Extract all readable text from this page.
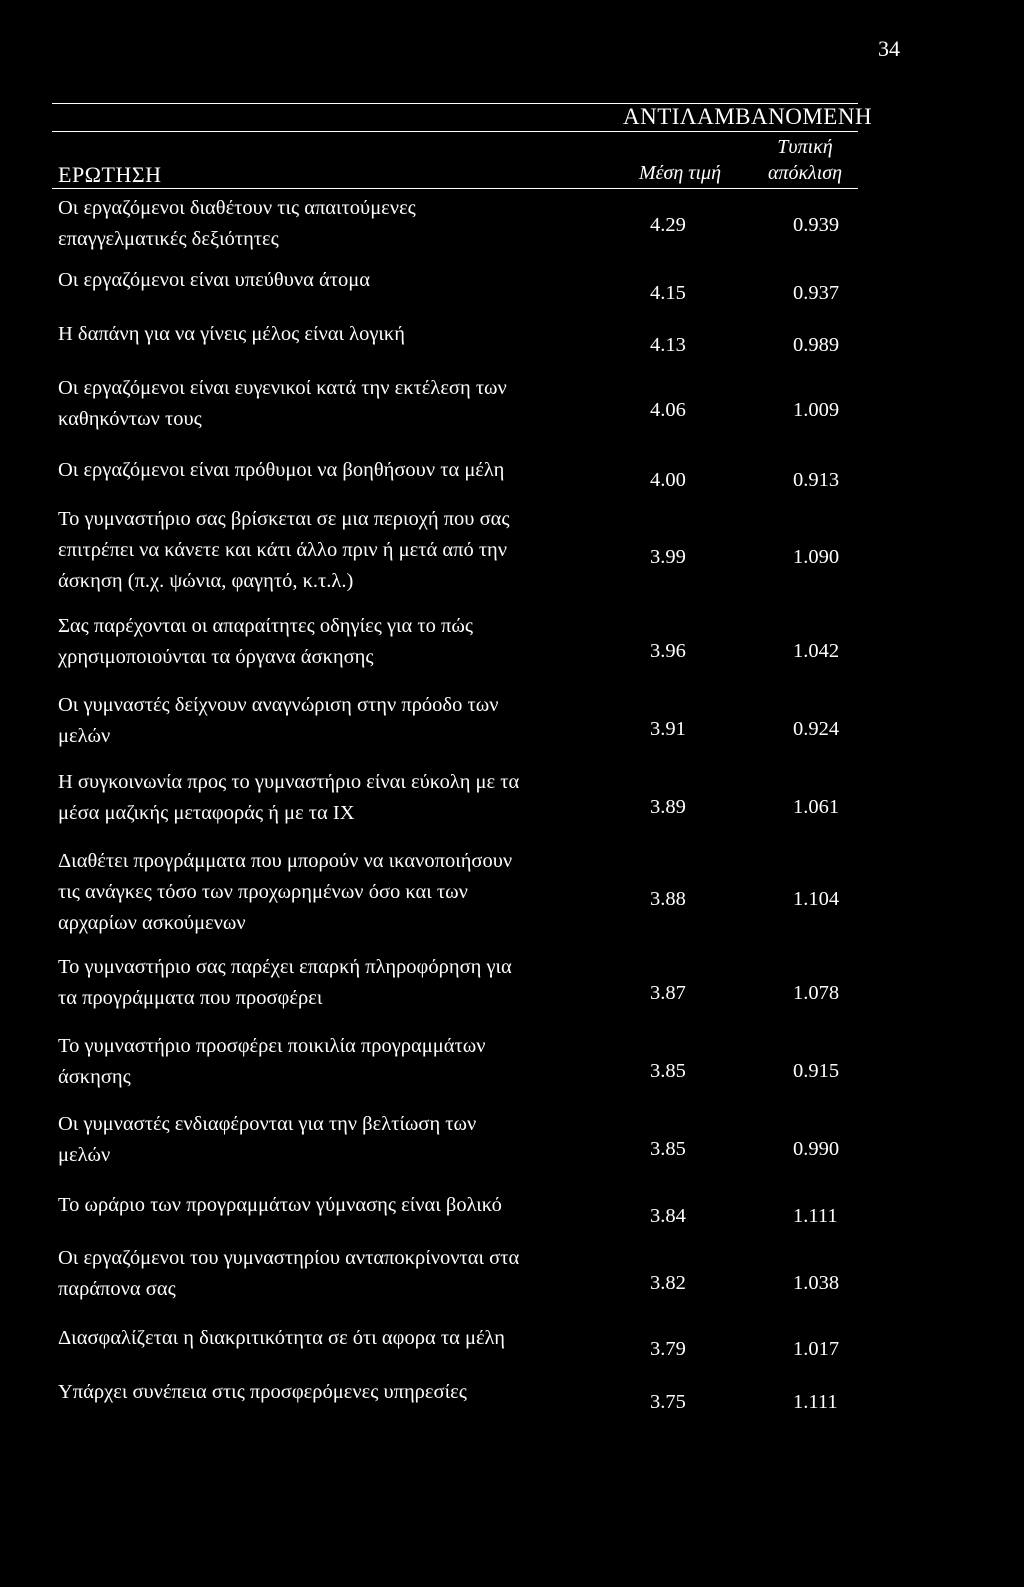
34
ΑΝΤΙΛΑΜΒΑΝΟΜΕΝΗ
Τυπική
ΕΡΩΤΗΣΗ	Μέση τιμή	απόκλιση
Οι εργαζόμενοι διαθέτουν τις απαιτούμενες
επαγγελματικές δεξιότητες
4.29	0.939
Οι εργαζόμενοι είναι υπεύθυνα άτομα
4.15	0.937
Η δαπάνη για να γίνεις μέλος είναι λογική	4.13	0.989
Οι εργαζόμενοι είναι ευγενικοί κατά την εκτέλεση των
καθηκόντων τους	4.06	1.009
Οι εργαζόμενοι είναι πρόθυμοι να βοηθήσουν τα μέλη	4.00	0.913
Το γυμναστήριο σας βρίσκεται σε μια περιοχή που σας
επιτρέπει να κάνετε και κάτι άλλο πριν ή μετά από την
άσκηση (π.χ. ψώνια, φαγητό, κ.τ.λ.)
3.99	1.090
Σας παρέχονται οι απαραίτητες οδηγίες για το πώς
χρησιμοποιούνται τα όργανα άσκησης	3.96	1.042
Οι γυμναστές δείχνουν αναγνώριση στην πρόοδο των
μελών	3.91	0.924
Η συγκοινωνία προς το γυμναστήριο είναι εύκολη με τα
μέσα μαζικής μεταφοράς ή με τα ΙΧ	3.89	1.061
Διαθέτει προγράμματα που μπορούν να ικανοποιήσουν
τις ανάγκες τόσο των προχωρημένων όσο και των
αρχαρίων ασκούμενων
3.88	1.104
Το γυμναστήριο σας παρέχει επαρκή πληροφόρηση για
τα προγράμματα που προσφέρει	3.87	1.078
Το γυμναστήριο προσφέρει ποικιλία προγραμμάτων
άσκησης	3.85	0.915
Οι γυμναστές ενδιαφέρονται για την βελτίωση των
μελών	3.85	0.990
Το ωράριο των προγραμμάτων γύμνασης είναι βολικό	3.84	1.111
Οι εργαζόμενοι του γυμναστηρίου ανταποκρίνονται στα
παράπονα σας	3.82	1.038
Διασφαλίζεται η διακριτικότητα σε ότι αφορα τα μέλη	3.79	1.017
Υπάρχει συνέπεια στις προσφερόμενες υπηρεσίες	3.75	1.111
